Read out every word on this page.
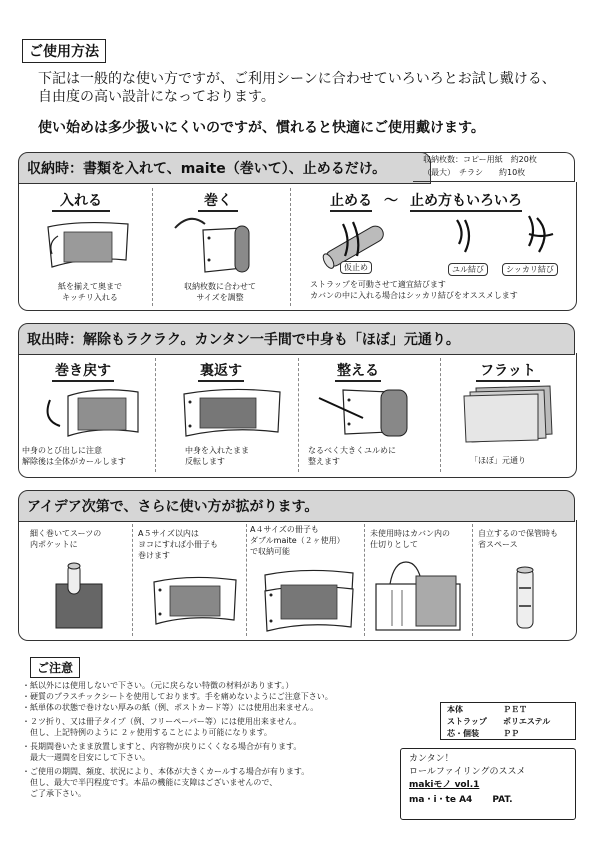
ご使用方法
下記は一般的な使い方ですが、ご利用シーンに合わせていろいろとお試し戴ける、
自由度の高い設計になっております。
使い始めは多少扱いにくいのですが、慣れると快適にご使用戴けます。
収納時：書類を入れて、maite（巻いて）、止めるだけ。
収納枚数：コピー用紙　 約20枚
（最大）　 チラシ　　 約10枚
入れる
紙を揃えて奥まで
キッチリ入れる
巻く
収納枚数に合わせて
サイズを調整
止める 〜 止め方もいろいろ
仮止め	ユル結び	シッカリ結び
ストラップを可動させて適宜結びます
カバンの中に入れる場合はシッカリ結びをオススメします
取出時：解除もラクラク。カンタン一手間で中身も「ほぼ」元通り。
巻き戻す
中身のとび出しに注意
解除後は全体がカールします
裏返す
中身を入れたまま
反転します
整える
なるべく大きくユルめに
整えます
フラット
「ほぼ」元通り
アイデア次第で、さらに使い方が拡がります。
細く巻いてスーツの
内ポケットに
A５サイズ以内は
ヨコにすれば小冊子も
巻けます
A４サイズの冊子も
ダブルmaite（２ヶ使用）
で収納可能
未使用時はカバン内の
仕切りとして
自立するので保管時も
省スペース
ご注意
・紙以外には使用しないで下さい。（元に戻らない特徴の材料があります。）
・硬質のプラスチックシートを使用しております。手を痛めないようにご注意下さい。
・紙単体の状態で巻けない厚みの紙（例、ポストカード等）には使用出来ません。
・２ツ折り、又は冊子タイプ（例、フリーペーパー等）には使用出来ません。
　但し、上記特例のように ２ヶ使用することにより可能になります。
・長期間巻いたまま放置しますと、内容物が戻りにくくなる場合が有ります。
　最大一週間を目安にして下さい。
・ご使用の期間、頻度、状況により、本体が大きくカールする場合が有ります。
　但し、最大で半円程度です。本品の機能に支障はございませんので、
　ご了承下さい。
本体	ＰＥＴ
ストラップ	ポリエステル
芯・個装	ＰＰ
カンタン！
ロールファイリングのススメ
makiモノ vol.1
ma・i・te A4 PAT.
